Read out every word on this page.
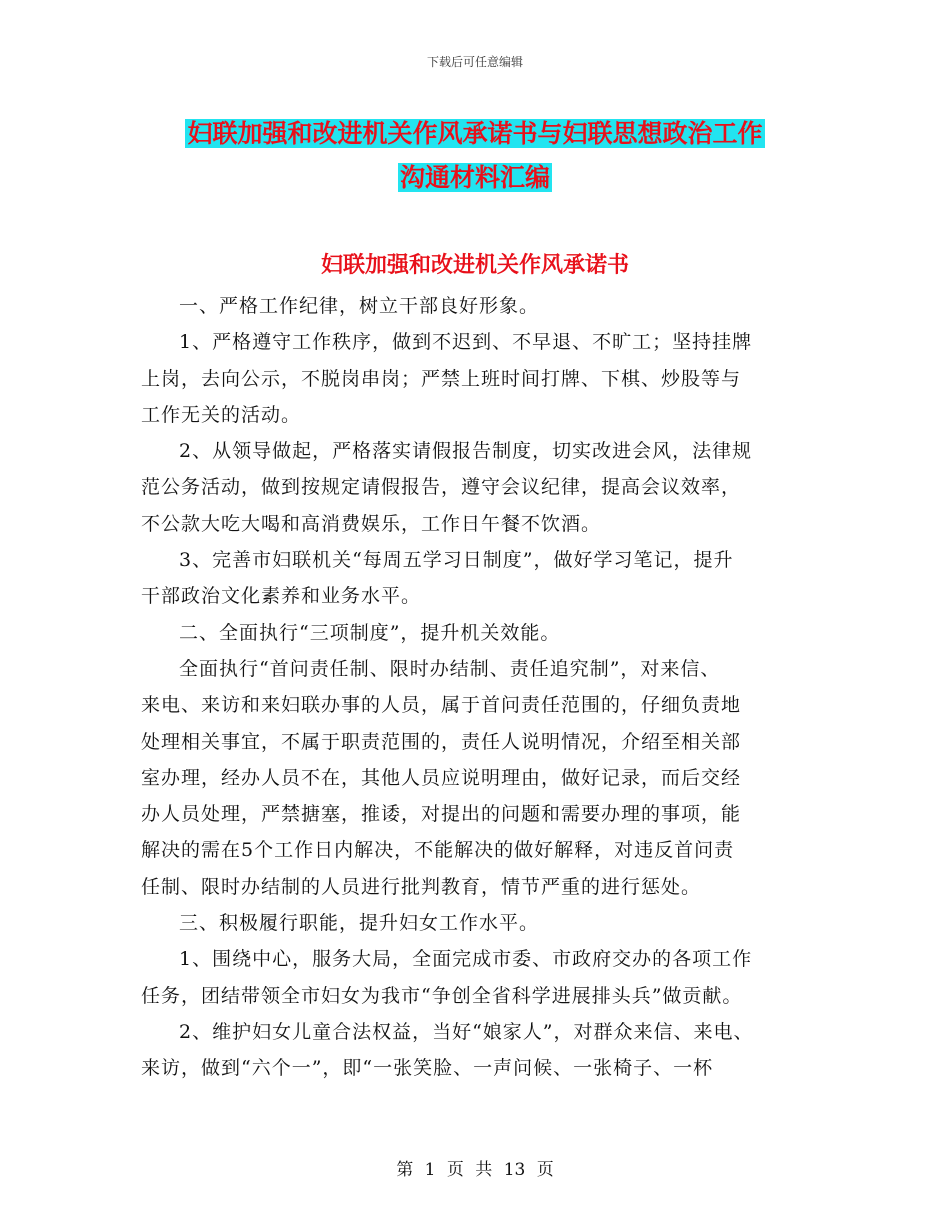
下载后可任意编辑
妇联加强和改进机关作风承诺书与妇联思想政治工作
沟通材料汇编
妇联加强和改进机关作风承诺书

一、严格工作纪律，树立干部良好形象。

1、严格遵守工作秩序，做到不迟到、不早退、不旷工；坚持挂牌
上岗，去向公示，不脱岗串岗；严禁上班时间打牌、下棋、炒股等与
工作无关的活动。

2、从领导做起，严格落实请假报告制度，切实改进会风，法律规
范公务活动，做到按规定请假报告，遵守会议纪律，提高会议效率，
不公款大吃大喝和高消费娱乐，工作日午餐不饮酒。

3、完善市妇联机关“每周五学习日制度”，做好学习笔记，提升
干部政治文化素养和业务水平。

二、全面执行“三项制度”，提升机关效能。

全面执行“首问责任制、限时办结制、责任追究制”，对来信、
来电、来访和来妇联办事的人员，属于首问责任范围的，仔细负责地
处理相关事宜，不属于职责范围的，责任人说明情况，介绍至相关部
室办理，经办人员不在，其他人员应说明理由，做好记录，而后交经
办人员处理，严禁搪塞，推诿，对提出的问题和需要办理的事项，能
解决的需在5个工作日内解决，不能解决的做好解释，对违反首问责
任制、限时办结制的人员进行批判教育，情节严重的进行惩处。

三、积极履行职能，提升妇女工作水平。

1、围绕中心，服务大局，全面完成市委、市政府交办的各项工作
任务，团结带领全市妇女为我市“争创全省科学进展排头兵”做贡献。

2、维护妇女儿童合法权益，当好“娘家人”，对群众来信、来电、
来访，做到“六个一”，即“一张笑脸、一声问候、一张椅子、一杯

第 1 页 共 13 页
